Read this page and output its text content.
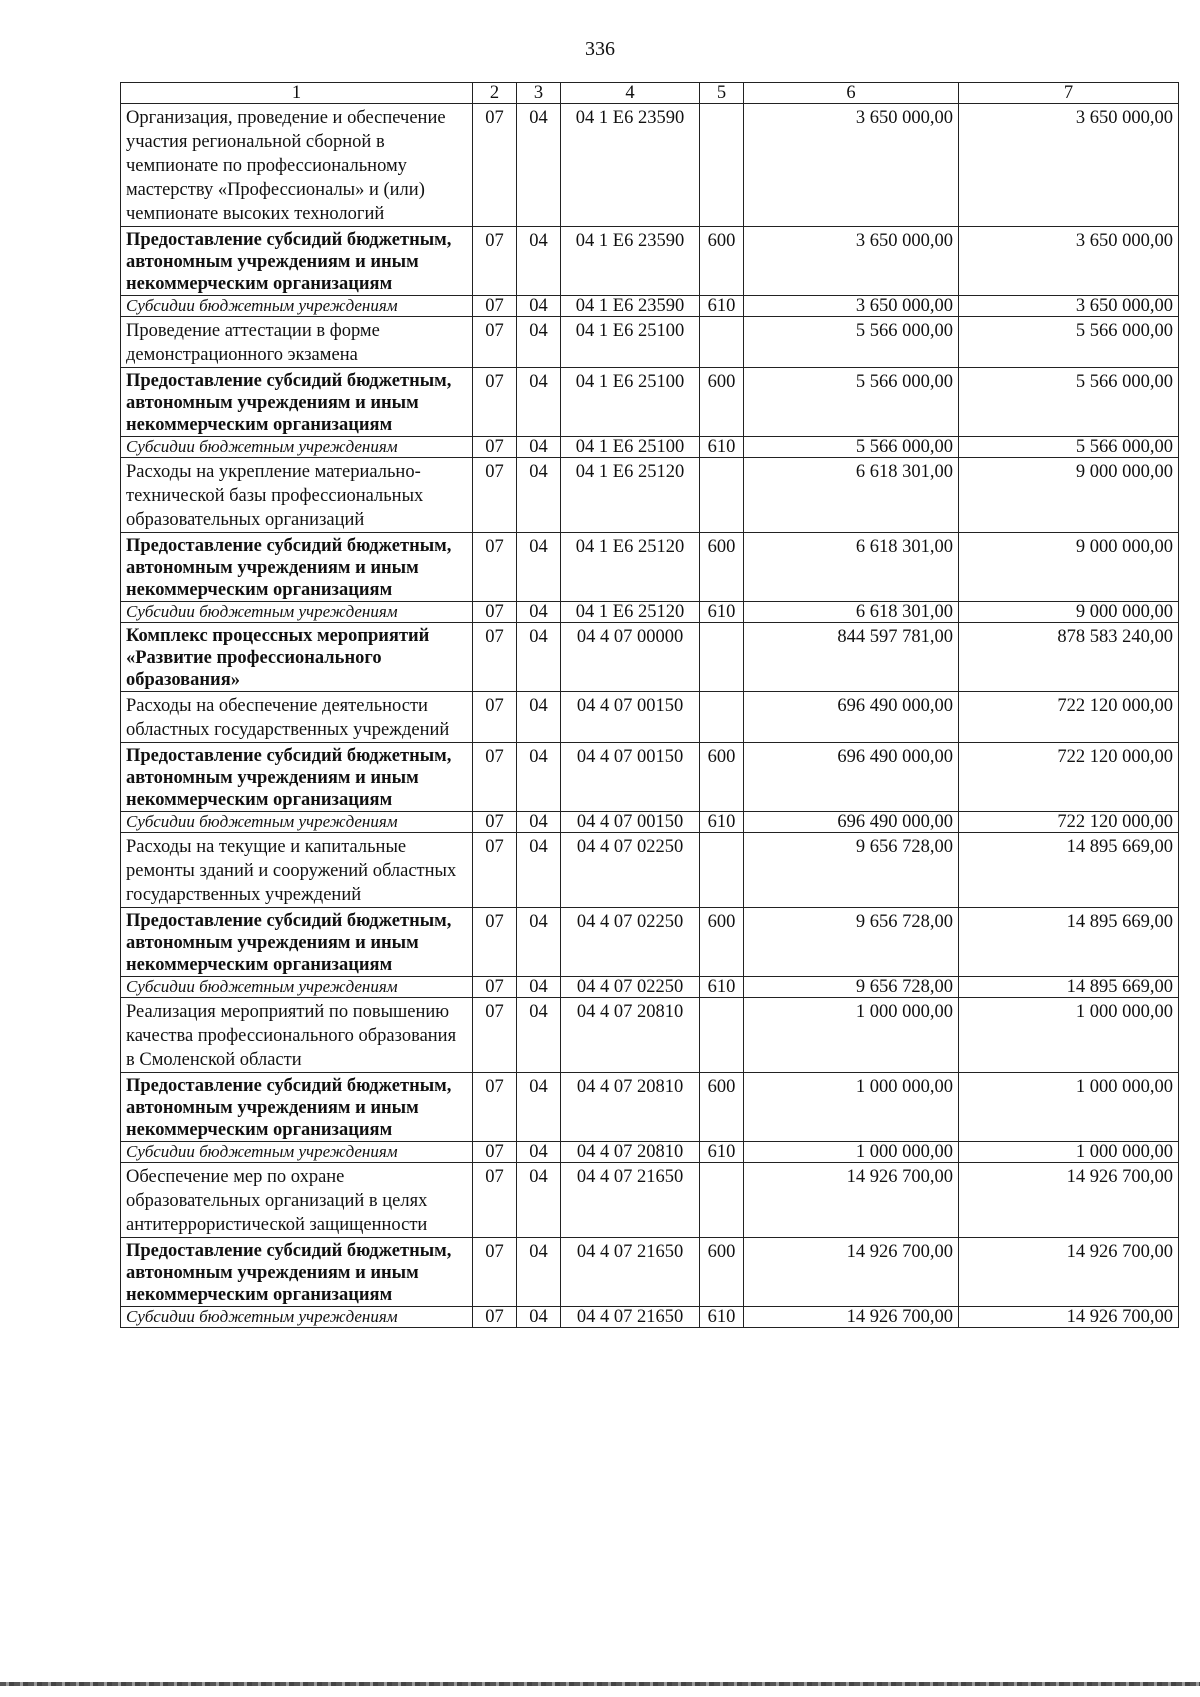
336
1	2	3	4	5	6	7
Организация, проведение и обеспечение участия региональной сборной в чемпионате по профессиональному мастерству «Профессионалы» и (или) чемпионате высоких технологий	07	04	04 1 Е6 23590		3 650 000,00	3 650 000,00
Предоставление субсидий бюджетным, автономным учреждениям и иным некоммерческим организациям	07	04	04 1 Е6 23590	600	3 650 000,00	3 650 000,00
Субсидии бюджетным учреждениям	07	04	04 1 Е6 23590	610	3 650 000,00	3 650 000,00
Проведение аттестации в форме демонстрационного экзамена	07	04	04 1 Е6 25100		5 566 000,00	5 566 000,00
Предоставление субсидий бюджетным, автономным учреждениям и иным некоммерческим организациям	07	04	04 1 Е6 25100	600	5 566 000,00	5 566 000,00
Субсидии бюджетным учреждениям	07	04	04 1 Е6 25100	610	5 566 000,00	5 566 000,00
Расходы на укрепление материально-технической базы профессиональных образовательных организаций	07	04	04 1 Е6 25120		6 618 301,00	9 000 000,00
Предоставление субсидий бюджетным, автономным учреждениям и иным некоммерческим организациям	07	04	04 1 Е6 25120	600	6 618 301,00	9 000 000,00
Субсидии бюджетным учреждениям	07	04	04 1 Е6 25120	610	6 618 301,00	9 000 000,00
Комплекс процессных мероприятий «Развитие профессионального образования»	07	04	04 4 07 00000		844 597 781,00	878 583 240,00
Расходы на обеспечение деятельности областных государственных учреждений	07	04	04 4 07 00150		696 490 000,00	722 120 000,00
Предоставление субсидий бюджетным, автономным учреждениям и иным некоммерческим организациям	07	04	04 4 07 00150	600	696 490 000,00	722 120 000,00
Субсидии бюджетным учреждениям	07	04	04 4 07 00150	610	696 490 000,00	722 120 000,00
Расходы на текущие и капитальные ремонты зданий и сооружений областных государственных учреждений	07	04	04 4 07 02250		9 656 728,00	14 895 669,00
Предоставление субсидий бюджетным, автономным учреждениям и иным некоммерческим организациям	07	04	04 4 07 02250	600	9 656 728,00	14 895 669,00
Субсидии бюджетным учреждениям	07	04	04 4 07 02250	610	9 656 728,00	14 895 669,00
Реализация мероприятий по повышению качества профессионального образования в Смоленской области	07	04	04 4 07 20810		1 000 000,00	1 000 000,00
Предоставление субсидий бюджетным, автономным учреждениям и иным некоммерческим организациям	07	04	04 4 07 20810	600	1 000 000,00	1 000 000,00
Субсидии бюджетным учреждениям	07	04	04 4 07 20810	610	1 000 000,00	1 000 000,00
Обеспечение мер по охране образовательных организаций в целях антитеррористической защищенности	07	04	04 4 07 21650		14 926 700,00	14 926 700,00
Предоставление субсидий бюджетным, автономным учреждениям и иным некоммерческим организациям	07	04	04 4 07 21650	600	14 926 700,00	14 926 700,00
Субсидии бюджетным учреждениям	07	04	04 4 07 21650	610	14 926 700,00	14 926 700,00
